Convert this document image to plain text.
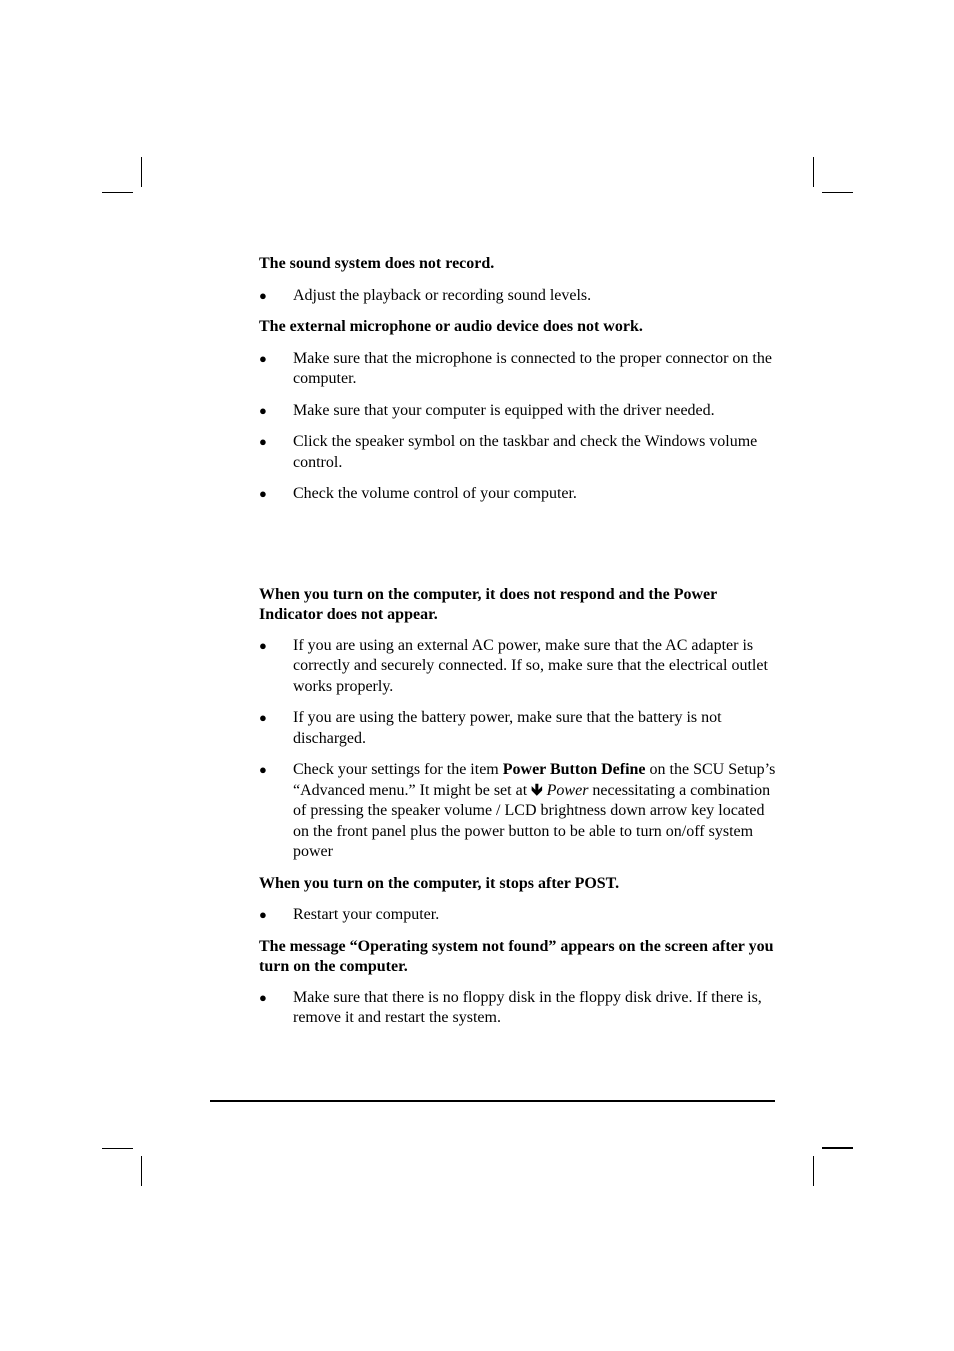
The sound system does not record.

● Adjust the playback or recording sound levels.

The external microphone or audio device does not work.

● Make sure that the microphone is connected to the proper connector on the computer.

● Make sure that your computer is equipped with the driver needed.

● Click the speaker symbol on the taskbar and check the Windows volume control.

● Check the volume control of your computer.

When you turn on the computer, it does not respond and the Power Indicator does not appear.

● If you are using an external AC power, make sure that the AC adapter is correctly and securely connected. If so, make sure that the electrical outlet works properly.

● If you are using the battery power, make sure that the battery is not discharged.

● Check your settings for the item Power Button Define on the SCU Setup’s “Advanced menu.” It might be set at 🡻 Power necessitating a combination of pressing the speaker volume / LCD brightness down arrow key located on the front panel plus the power button to be able to turn on/off system power

When you turn on the computer, it stops after POST.

● Restart your computer.

The message “Operating system not found” appears on the screen after you turn on the computer.

● Make sure that there is no floppy disk in the floppy disk drive. If there is, remove it and restart the system.
